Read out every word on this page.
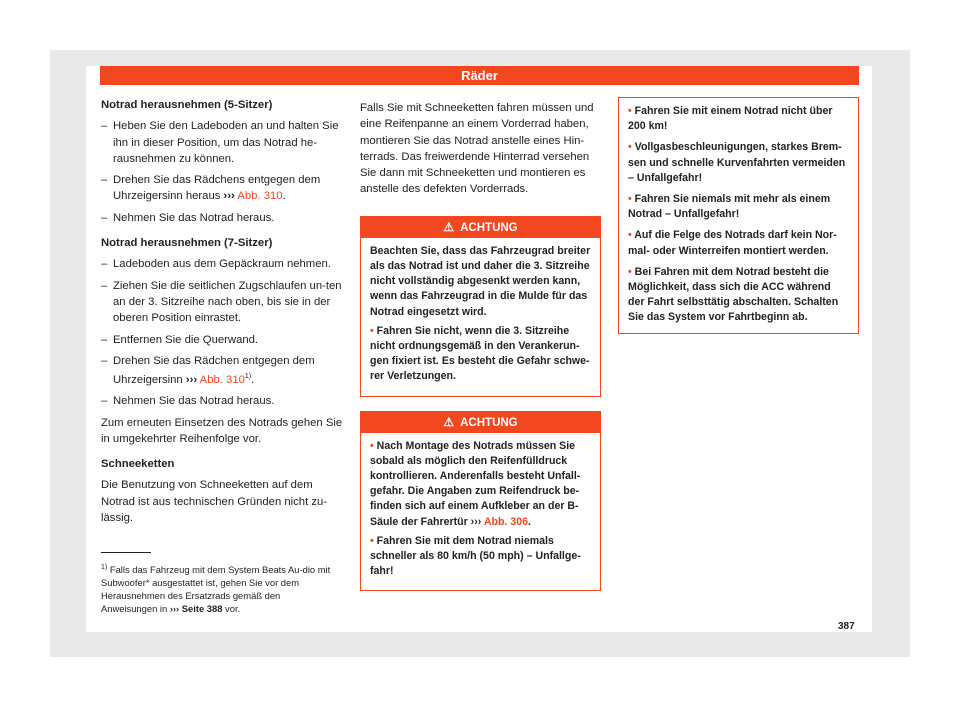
Räder
Notrad herausnehmen (5-Sitzer)
– Heben Sie den Ladeboden an und halten Sie ihn in dieser Position, um das Notrad he-rausnehmen zu können.
– Drehen Sie das Rädchens entgegen dem Uhrzeigersinn heraus ››› Abb. 310.
– Nehmen Sie das Notrad heraus.
Notrad herausnehmen (7-Sitzer)
– Ladeboden aus dem Gepäckraum nehmen.
– Ziehen Sie die seitlichen Zugschlaufen un-ten an der 3. Sitzreihe nach oben, bis sie in der oberen Position einrastet.
– Entfernen Sie die Querwand.
– Drehen Sie das Rädchen entgegen dem Uhrzeigersinn ››› Abb. 310$^{1)}$.
– Nehmen Sie das Notrad heraus.

Zum erneuten Einsetzen des Notrads gehen Sie in umgekehrter Reihenfolge vor.

Schneeketten

Die Benutzung von Schneeketten auf dem Notrad ist aus technischen Gründen nicht zu-lässig.

$^{1)}$ Falls das Fahrzeug mit dem System Beats Au-dio mit Subwoofer* ausgestattet ist, gehen Sie vor dem Herausnehmen des Ersatzrads gemäß den Anweisungen in ››› Seite 388 vor.

Falls Sie mit Schneeketten fahren müssen und eine Reifenpanne an einem Vorderrad haben, montieren Sie das Notrad anstelle eines Hin-terrads. Das freiwerdende Hinterrad versehen Sie dann mit Schneeketten und montieren es anstelle des defekten Vorderrads.

⚠ ACHTUNG

Beachten Sie, dass das Fahrzeugrad breiter als das Notrad ist und daher die 3. Sitzreihe nicht vollständig abgesenkt werden kann, wenn das Fahrzeugrad in die Mulde für das Notrad eingesetzt wird.

• Fahren Sie nicht, wenn die 3. Sitzreihe nicht ordnungsgemäß in den Verankerun-gen fixiert ist. Es besteht die Gefahr schwe-rer Verletzungen.

⚠ ACHTUNG

• Nach Montage des Notrads müssen Sie sobald als möglich den Reifenfülldruck kontrollieren. Anderenfalls besteht Unfall-gefahr. Die Angaben zum Reifendruck be-finden sich auf einem Aufkleber an der B-Säule der Fahrertür ››› Abb. 306.

• Fahren Sie mit dem Notrad niemals schneller als 80 km/h (50 mph) – Unfallge-fahr!

• Fahren Sie mit einem Notrad nicht über 200 km!

• Vollgasbeschleunigungen, starkes Brem-sen und schnelle Kurvenfahrten vermeiden – Unfallgefahr!

• Fahren Sie niemals mit mehr als einem Notrad – Unfallgefahr!

• Auf die Felge des Notrads darf kein Nor-mal- oder Winterreifen montiert werden.

• Bei Fahren mit dem Notrad besteht die Möglichkeit, dass sich die ACC während der Fahrt selbsttätig abschalten. Schalten Sie das System vor Fahrtbeginn ab.

387
